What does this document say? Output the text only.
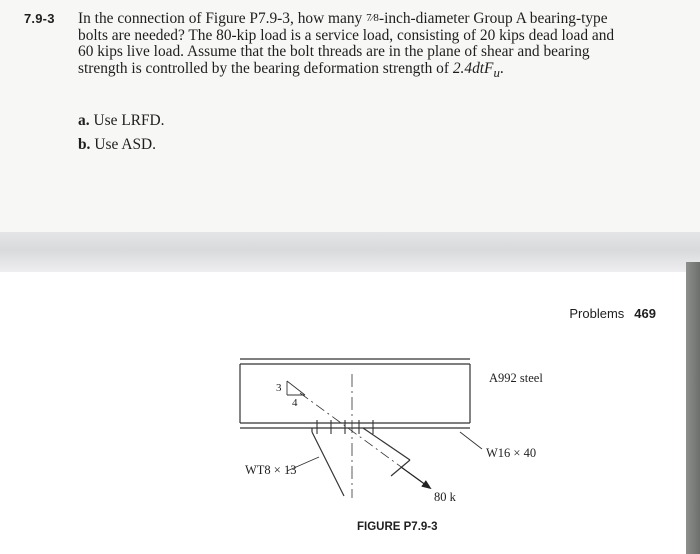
7.9-3 In the connection of Figure P7.9-3, how many 7⁄8-inch-diameter Group A bearing-type bolts are needed? The 80-kip load is a service load, consisting of 20 kips dead load and 60 kips live load. Assume that the bolt threads are in the plane of shear and bearing strength is controlled by the bearing deformation strength of 2.4dtF$_u$.
a. Use LRFD.
b. Use ASD.
Problems 469
3
4
A992 steel
W16 × 40
WT8 × 13
80 k
FIGURE P7.9-3
